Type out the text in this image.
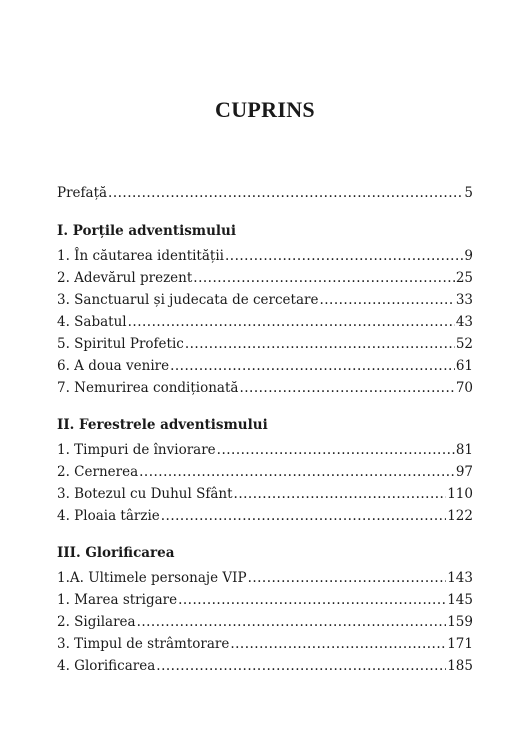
CUPRINS
Prefață .....	5
I. Porțile adventismului
1. În căutarea identității .....	9
2. Adevărul prezent .....	25
3. Sanctuarul și judecata de cercetare .....	33
4. Sabatul .....	43
5. Spiritul Profetic .....	52
6. A doua venire .....	61
7. Nemurirea condiționată .....	70
II. Ferestrele adventismului
1. Timpuri de înviorare .....	81
2. Cernerea .....	97
3. Botezul cu Duhul Sfânt .....	110
4. Ploaia târzie .....	122
III. Glorificarea
1.A. Ultimele personaje VIP .....	143
1. Marea strigare .....	145
2. Sigilarea .....	159
3. Timpul de strâmtorare .....	171
4. Glorificarea .....	185
